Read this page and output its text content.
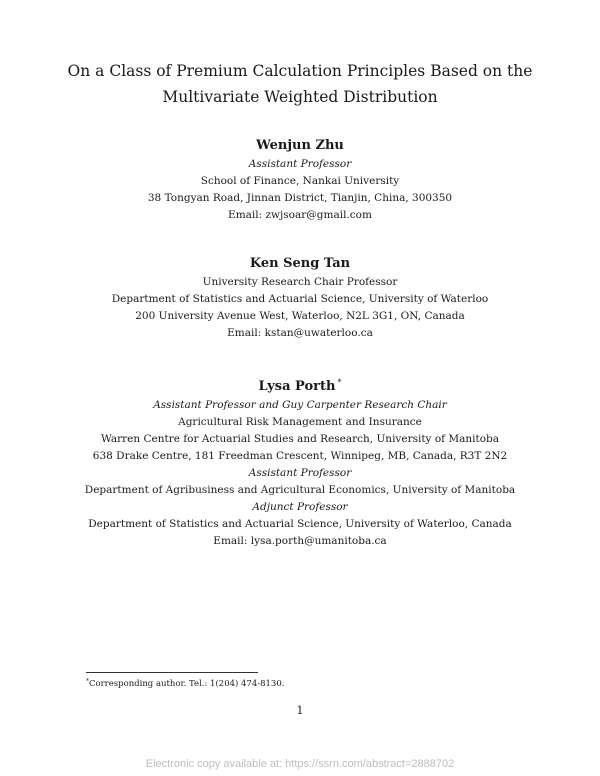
On a Class of Premium Calculation Principles Based on the
Multivariate Weighted Distribution
Wenjun Zhu
Assistant Professor
School of Finance, Nankai University
38 Tongyan Road, Jinnan District, Tianjin, China, 300350
Email: zwjsoar@gmail.com
Ken Seng Tan
University Research Chair Professor
Department of Statistics and Actuarial Science, University of Waterloo
200 University Avenue West, Waterloo, N2L 3G1, ON, Canada
Email: kstan@uwaterloo.ca
Lysa Porth *
Assistant Professor and Guy Carpenter Research Chair
Agricultural Risk Management and Insurance
Warren Centre for Actuarial Studies and Research, University of Manitoba
638 Drake Centre, 181 Freedman Crescent, Winnipeg, MB, Canada, R3T 2N2
Assistant Professor
Department of Agribusiness and Agricultural Economics, University of Manitoba
Adjunct Professor
Department of Statistics and Actuarial Science, University of Waterloo, Canada
Email: lysa.porth@umanitoba.ca
*Corresponding author. Tel.: 1(204) 474-8130.
1
Electronic copy available at: https://ssrn.com/abstract=2888702
